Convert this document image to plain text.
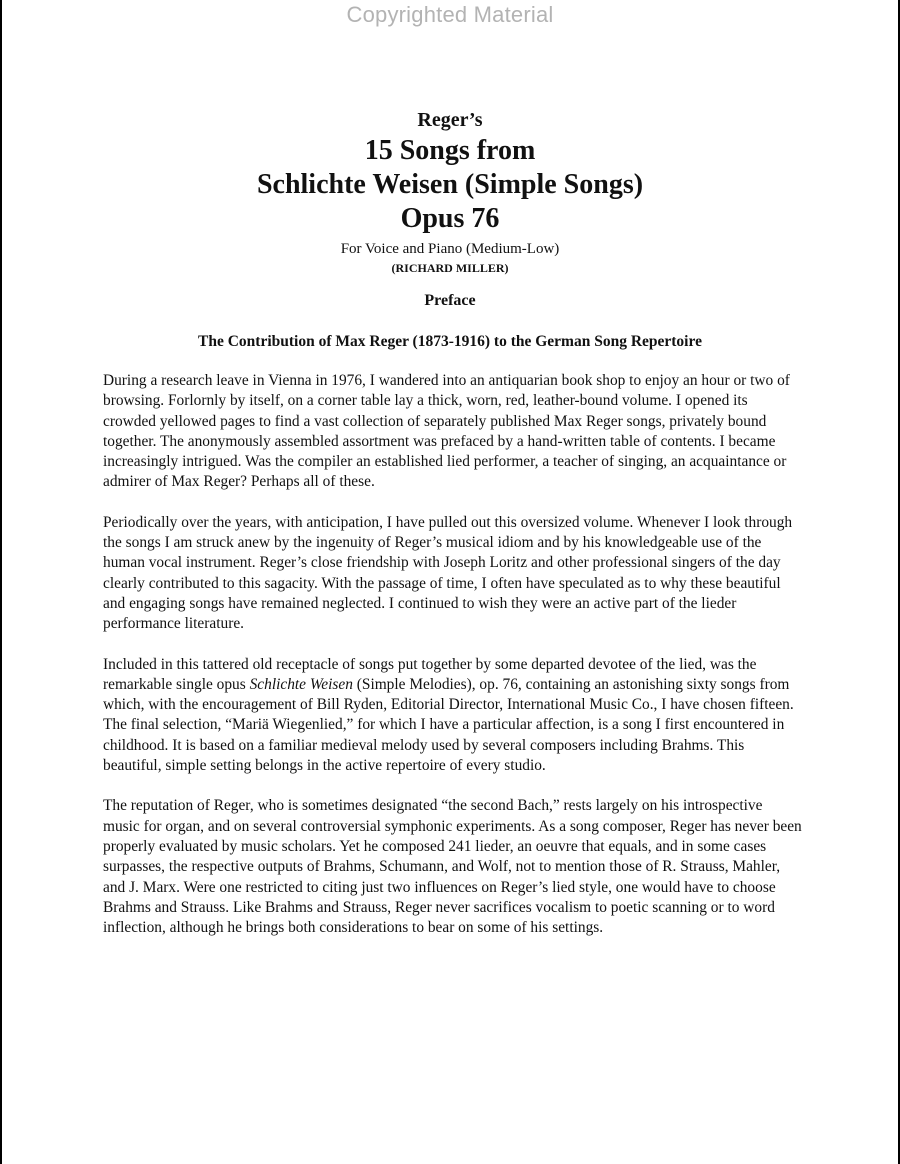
Copyrighted Material
Reger’s
15 Songs from
Schlichte Weisen (Simple Songs)
Opus 76
For Voice and Piano (Medium-Low)
(RICHARD MILLER)
Preface
The Contribution of Max Reger (1873-1916) to the German Song Repertoire

During a research leave in Vienna in 1976, I wandered into an antiquarian book shop to enjoy an hour or two of browsing. Forlornly by itself, on a corner table lay a thick, worn, red, leather-bound volume. I opened its crowded yellowed pages to find a vast collection of separately published Max Reger songs, privately bound together. The anonymously assembled assortment was prefaced by a hand-written table of contents. I became increasingly intrigued. Was the compiler an established lied performer, a teacher of singing, an acquaintance or admirer of Max Reger? Perhaps all of these.

Periodically over the years, with anticipation, I have pulled out this oversized volume. Whenever I look through the songs I am struck anew by the ingenuity of Reger’s musical idiom and by his knowledgeable use of the human vocal instrument. Reger’s close friendship with Joseph Loritz and other professional singers of the day clearly contributed to this sagacity. With the passage of time, I often have speculated as to why these beautiful and engaging songs have remained neglected. I continued to wish they were an active part of the lieder performance literature.

Included in this tattered old receptacle of songs put together by some departed devotee of the lied, was the remarkable single opus Schlichte Weisen (Simple Melodies), op. 76, containing an astonishing sixty songs from which, with the encouragement of Bill Ryden, Editorial Director, International Music Co., I have chosen fifteen. The final selection, “Mariä Wiegenlied,” for which I have a particular affection, is a song I first encountered in childhood. It is based on a familiar medieval melody used by several composers including Brahms. This beautiful, simple setting belongs in the active repertoire of every studio.

The reputation of Reger, who is sometimes designated “the second Bach,” rests largely on his introspective music for organ, and on several controversial symphonic experiments. As a song composer, Reger has never been properly evaluated by music scholars. Yet he composed 241 lieder, an oeuvre that equals, and in some cases surpasses, the respective outputs of Brahms, Schumann, and Wolf, not to mention those of R. Strauss, Mahler, and J. Marx. Were one restricted to citing just two influences on Reger’s lied style, one would have to choose Brahms and Strauss. Like Brahms and Strauss, Reger never sacrifices vocalism to poetic scanning or to word inflection, although he brings both considerations to bear on some of his settings.
